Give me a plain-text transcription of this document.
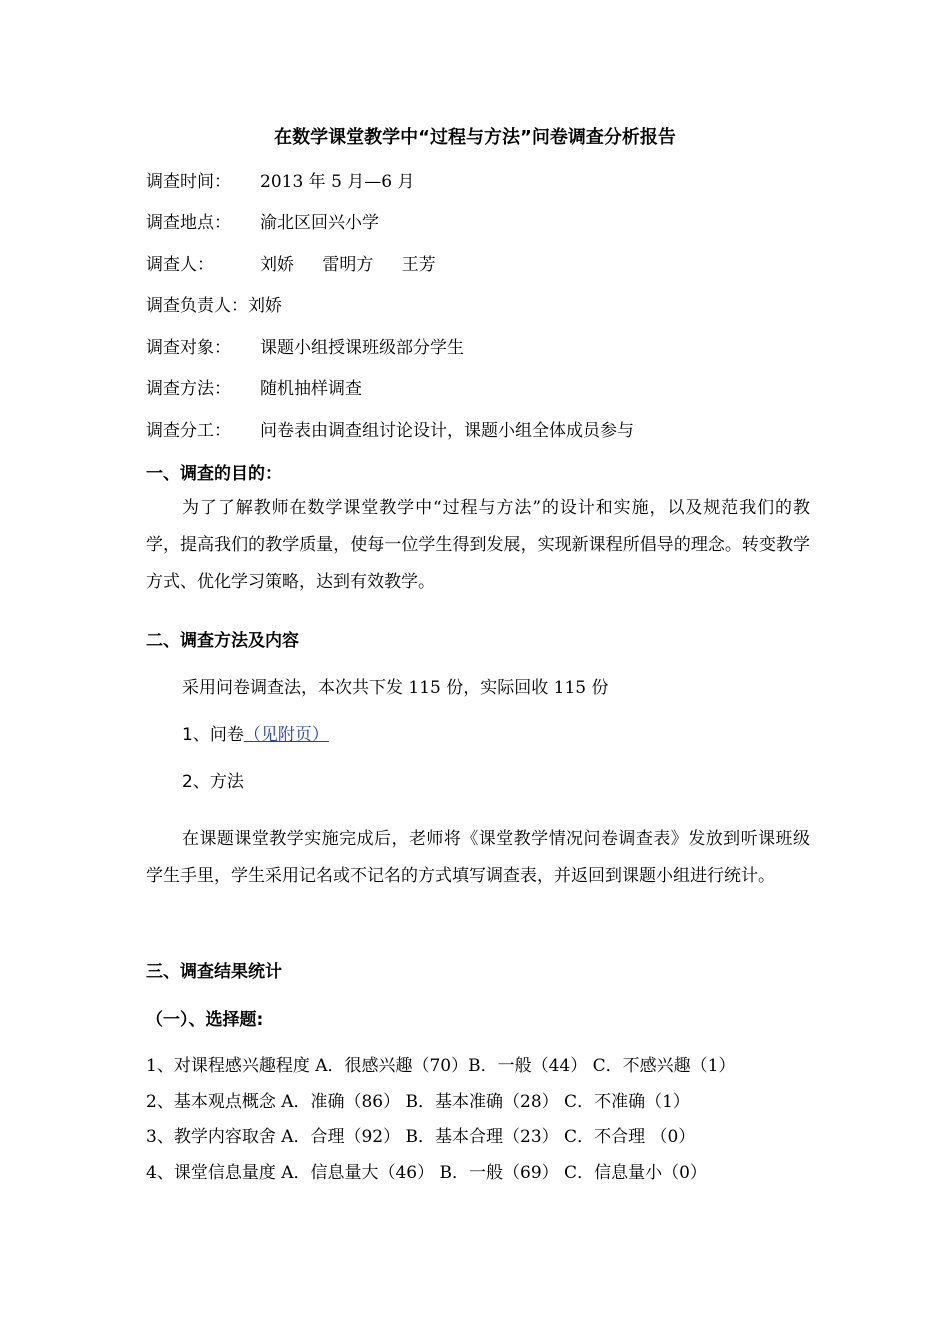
在数学课堂教学中“过程与方法”问卷调查分析报告
调查时间： 2013 年 5 月—6 月
调查地点： 渝北区回兴小学
调查人：	刘娇　 雷明方　 王芳
调查负责人：刘娇
调查对象： 课题小组授课班级部分学生
调查方法： 随机抽样调查
调查分工： 问卷表由调查组讨论设计，课题小组全体成员参与
一、调查的目的：
为了了解教师在数学课堂教学中“过程与方法”的设计和实施，以及规范我们的教学，提高我们的教学质量，使每一位学生得到发展，实现新课程所倡导的理念。转变教学方式、优化学习策略，达到有效教学。
二、调查方法及内容
采用问卷调查法，本次共下发 115 份，实际回收 115 份
1、问卷（见附页）
2、方法
在课题课堂教学实施完成后，老师将《课堂教学情况问卷调查表》发放到听课班级学生手里，学生采用记名或不记名的方式填写调查表，并返回到课题小组进行统计。
三、调查结果统计
（一）、选择题:
1、对课程感兴趣程度 A．很感兴趣（70）B．一般（44） C．不感兴趣（1）
2、基本观点概念 A．准确（86） B．基本准确（28） C．不准确（1）
3、教学内容取舍 A．合理（92） B．基本合理（23） C．不合理 （0）
4、课堂信息量度 A．信息量大（46） B．一般（69） C．信息量小（0）
